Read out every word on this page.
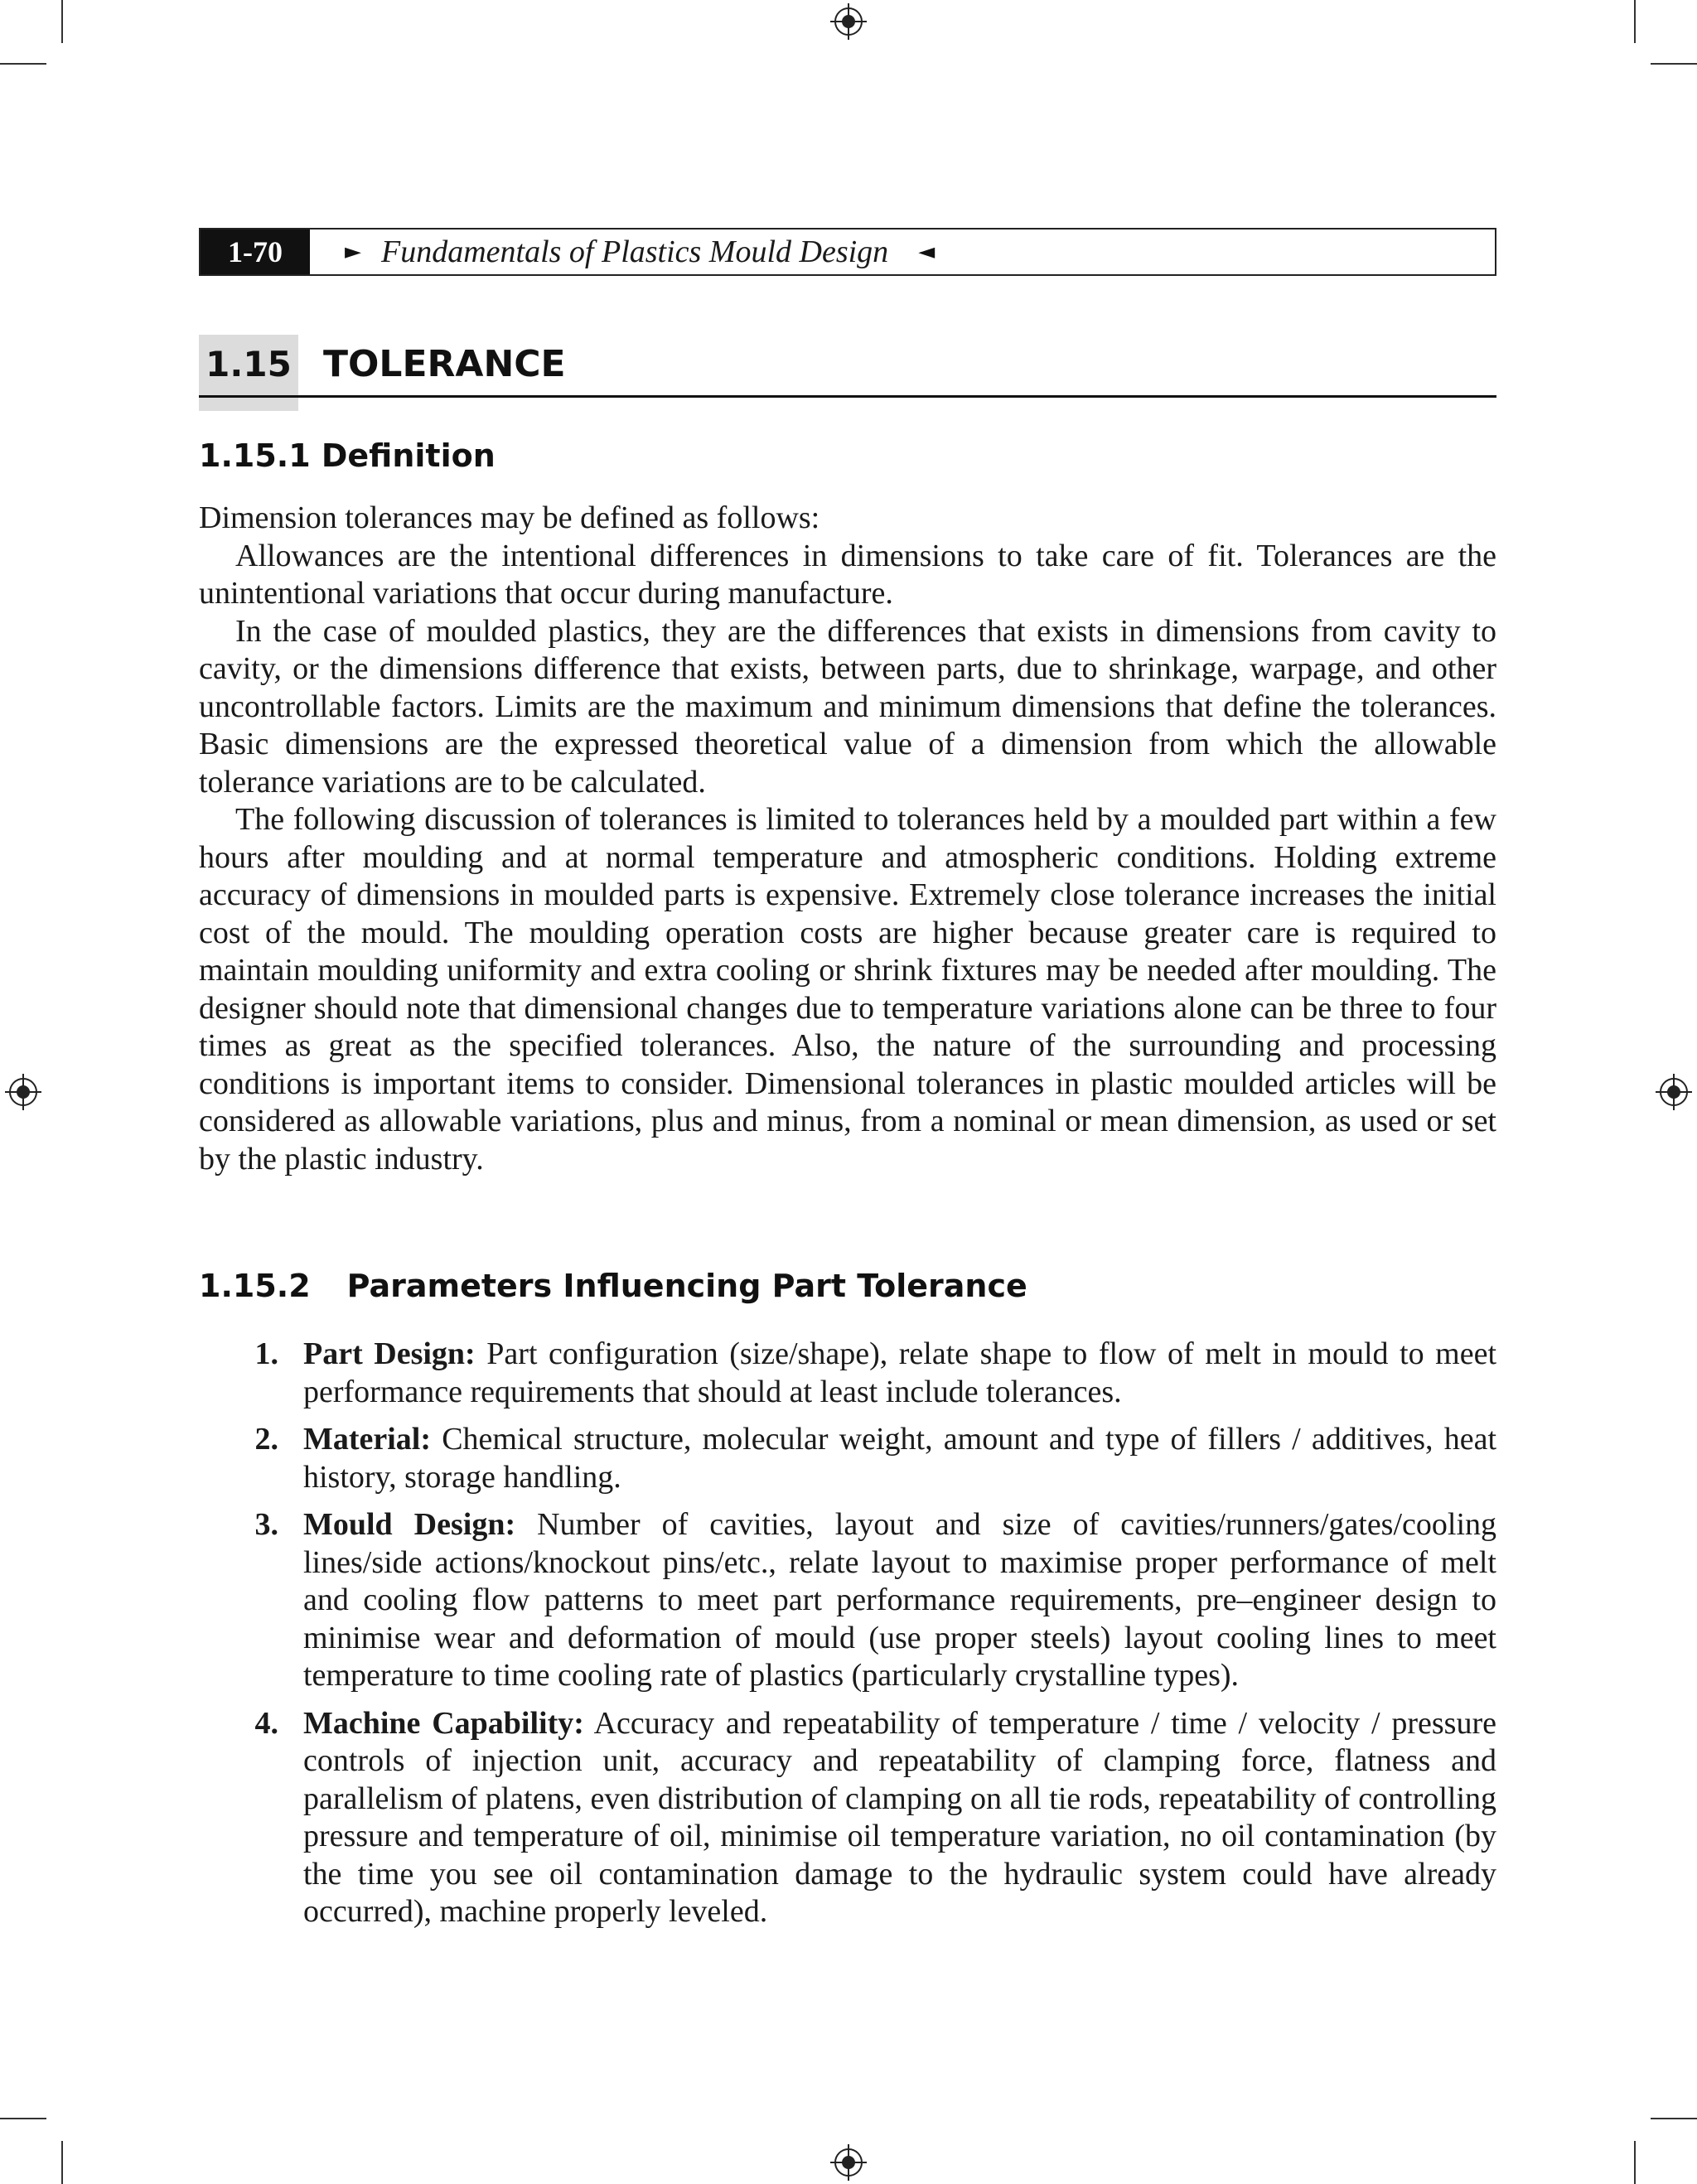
1-70	► Fundamentals of Plastics Mould Design ◄
1.15 TOLERANCE
1.15.1 Definition

Dimension tolerances may be defined as follows:

Allowances are the intentional differences in dimensions to take care of fit. Tolerances are the unintentional variations that occur during manufacture.

In the case of moulded plastics, they are the differences that exists in dimensions from cavity to cavity, or the dimensions difference that exists, between parts, due to shrinkage, warpage, and other uncontrollable factors. Limits are the maximum and minimum dimensions that define the tolerances. Basic dimensions are the expressed theoretical value of a dimension from which the allowable tolerance variations are to be calculated.

The following discussion of tolerances is limited to tolerances held by a moulded part within a few hours after moulding and at normal temperature and atmospheric conditions. Holding extreme accuracy of dimensions in moulded parts is expensive. Extremely close tolerance increases the initial cost of the mould. The moulding operation costs are higher because greater care is required to maintain moulding uniformity and extra cooling or shrink fixtures may be needed after moulding. The designer should note that dimensional changes due to temperature variations alone can be three to four times as great as the specified tolerances. Also, the nature of the surrounding and processing conditions is important items to consider. Dimensional tolerances in plastic moulded articles will be considered as allowable variations, plus and minus, from a nominal or mean dimension, as used or set by the plastic industry.

1.15.2 Parameters Influencing Part Tolerance
1. Part Design: Part configuration (size/shape), relate shape to flow of melt in mould to meet performance requirements that should at least include tolerances.
2. Material: Chemical structure, molecular weight, amount and type of fillers / additives, heat history, storage handling.
3. Mould Design: Number of cavities, layout and size of cavities/runners/gates/cooling lines/side actions/knockout pins/etc., relate layout to maximise proper performance of melt and cooling flow patterns to meet part performance requirements, pre–engineer design to minimise wear and deformation of mould (use proper steels) layout cooling lines to meet temperature to time cooling rate of plastics (particularly crystalline types).
4. Machine Capability: Accuracy and repeatability of temperature / time / velocity / pressure controls of injection unit, accuracy and repeatability of clamping force, flatness and parallelism of platens, even distribution of clamping on all tie rods, repeatability of controlling pressure and temperature of oil, minimise oil temperature variation, no oil contamination (by the time you see oil contamination damage to the hydraulic system could have already occurred), machine properly leveled.
